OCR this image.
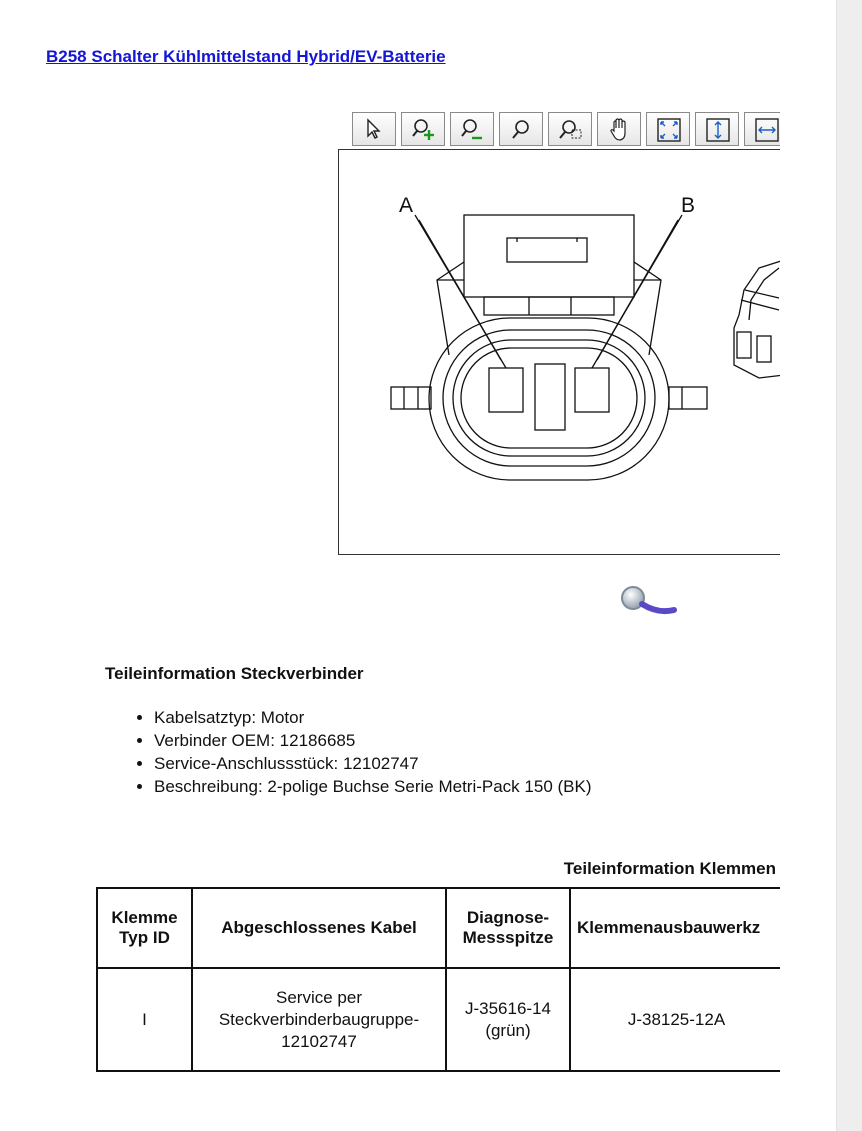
B258 Schalter Kühlmittelstand Hybrid/EV-Batterie
A	B
Teileinformation Steckverbinder
• Kabelsatztyp: Motor
• Verbinder OEM: 12186685
• Service-Anschlussstück: 12102747
• Beschreibung: 2-polige Buchse Serie Metri-Pack 150 (BK)
Teileinformation Klemmen
Klemme Typ ID	Abgeschlossenes Kabel	Diagnose-Messspitze	Klemmenausbauwerkz
I	Service per Steckverbinderbaugruppe-12102747	J-35616-14 (grün)	J-38125-12A
